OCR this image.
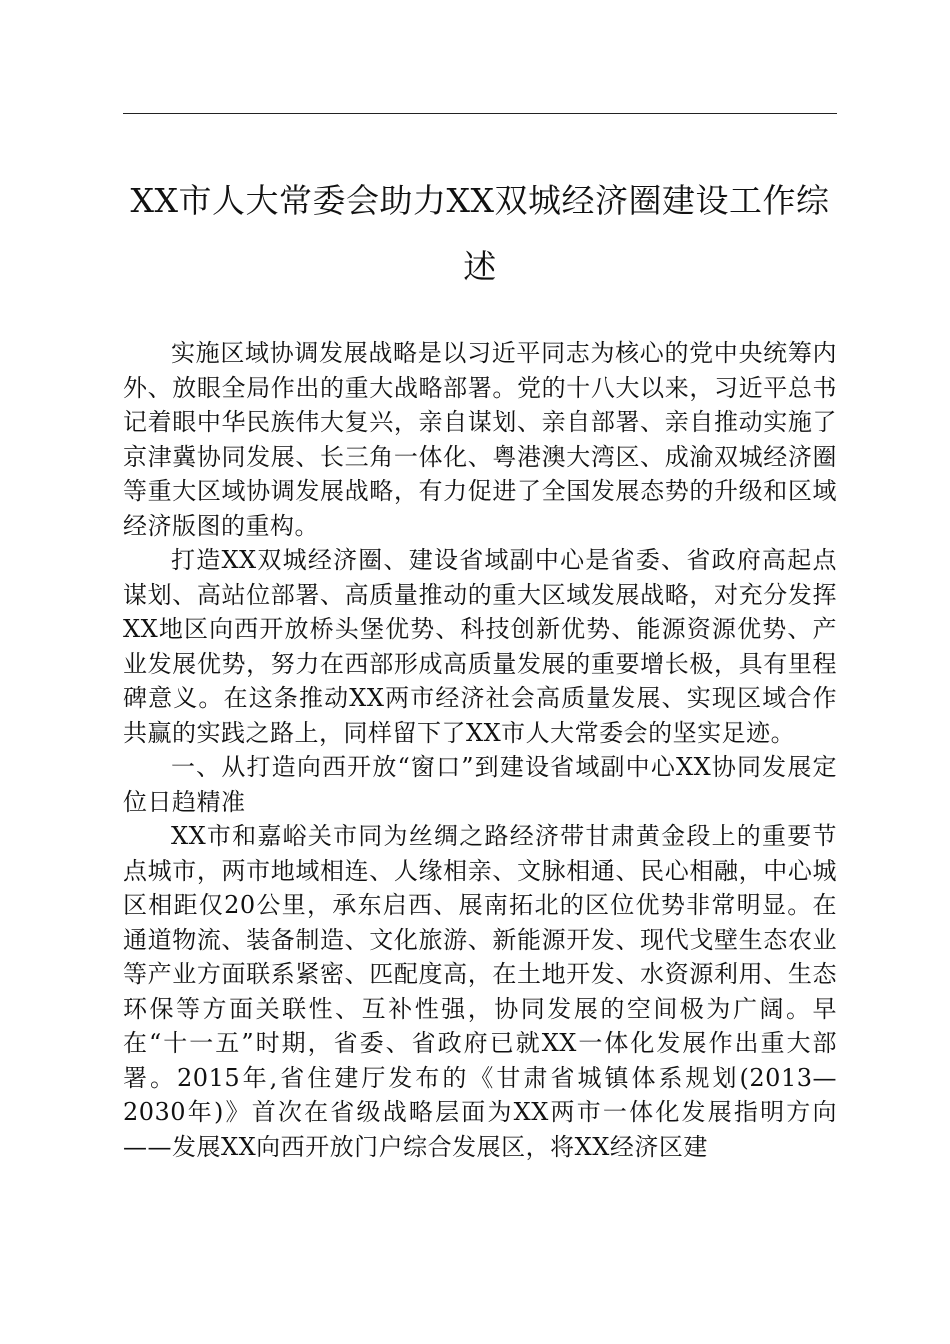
XX市人大常委会助力XX双城经济圈建设工作综述

实施区域协调发展战略是以习近平同志为核心的党中央统筹内外、放眼全局作出的重大战略部署。党的十八大以来，习近平总书记着眼中华民族伟大复兴，亲自谋划、亲自部署、亲自推动实施了京津冀协同发展、长三角一体化、粤港澳大湾区、成渝双城经济圈等重大区域协调发展战略，有力促进了全国发展态势的升级和区域经济版图的重构。

打造XX双城经济圈、建设省域副中心是省委、省政府高起点谋划、高站位部署、高质量推动的重大区域发展战略，对充分发挥XX地区向西开放桥头堡优势、科技创新优势、能源资源优势、产业发展优势，努力在西部形成高质量发展的重要增长极，具有里程碑意义。在这条推动XX两市经济社会高质量发展、实现区域合作共赢的实践之路上，同样留下了XX市人大常委会的坚实足迹。

一、从打造向西开放“窗口”到建设省域副中心XX协同发展定位日趋精准

XX市和嘉峪关市同为丝绸之路经济带甘肃黄金段上的重要节点城市，两市地域相连、人缘相亲、文脉相通、民心相融，中心城区相距仅20公里，承东启西、展南拓北的区位优势非常明显。在通道物流、装备制造、文化旅游、新能源开发、现代戈壁生态农业等产业方面联系紧密、匹配度高，在土地开发、水资源利用、生态环保等方面关联性、互补性强，协同发展的空间极为广阔。早在“十一五”时期，省委、省政府已就XX一体化发展作出重大部署。2015年,省住建厅发布的《甘肃省城镇体系规划(2013—2030年)》首次在省级战略层面为XX两市一体化发展指明方向——发展XX向西开放门户综合发展区，将XX经济区建
